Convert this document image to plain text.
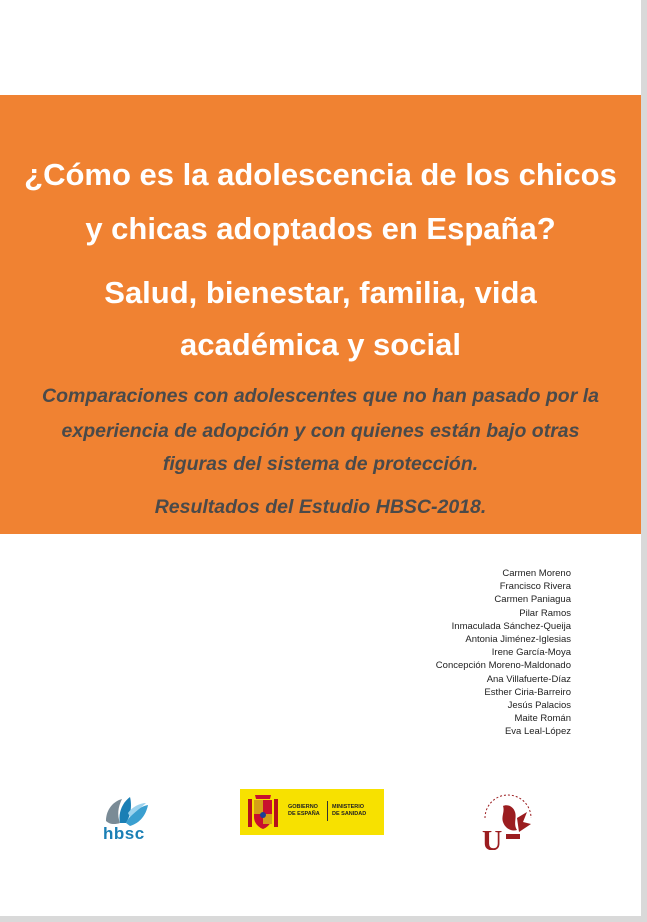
¿Cómo es la adolescencia de los chicos
y chicas adoptados en España?
Salud, bienestar, familia, vida
académica y social
Comparaciones con adolescentes que no han pasado por la
experiencia de adopción y con quienes están bajo otras
figuras del sistema de protección.
Resultados del Estudio HBSC-2018.
Carmen Moreno
Francisco Rivera
Carmen Paniagua
Pilar Ramos
Inmaculada Sánchez-Queija
Antonia Jiménez-Iglesias
Irene García-Moya
Concepción Moreno-Maldonado
Ana Villafuerte-Díaz
Esther Ciria-Barreiro
Jesús Palacios
Maite Román
Eva Leal-López
hbsc
GOBIERNO
DE ESPAÑA
MINISTERIO
DE SANIDAD
U
